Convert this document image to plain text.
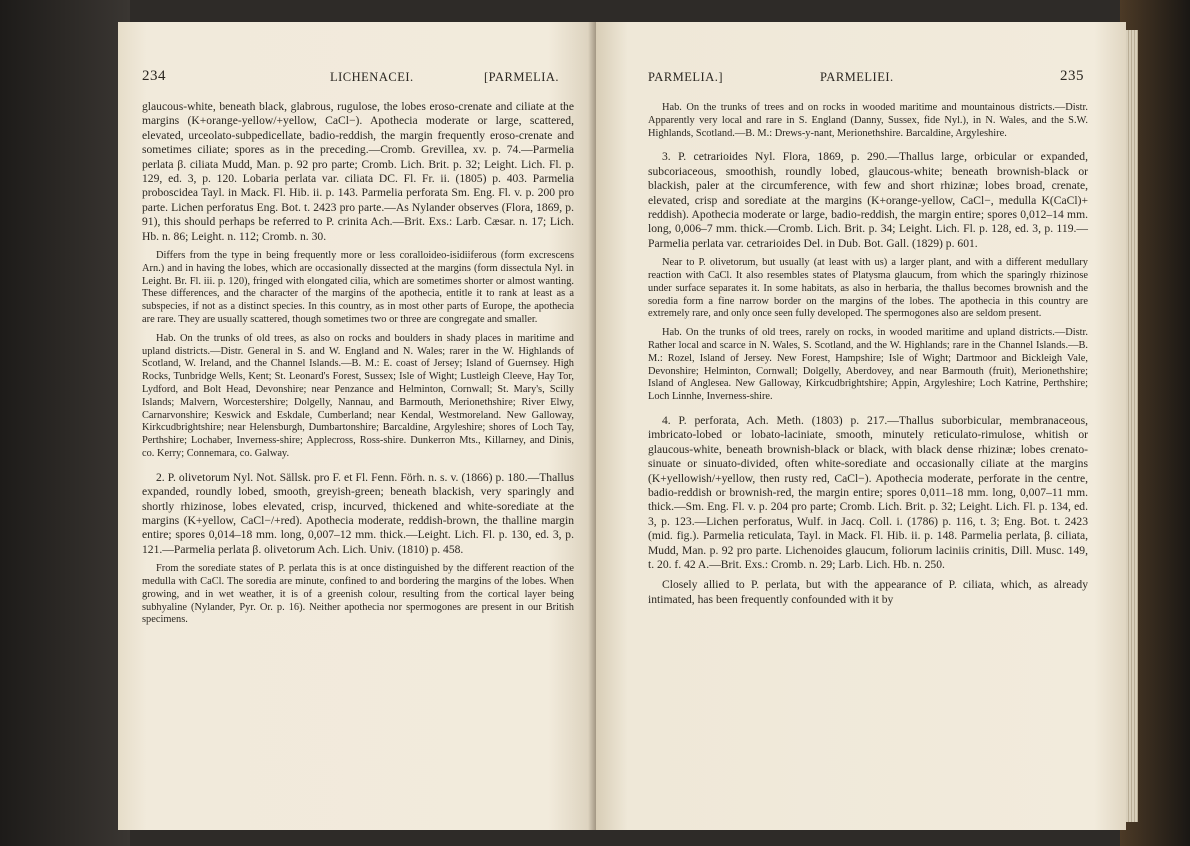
234	LICHENACEI.	[PARMELIA.

glaucous-white, beneath black, glabrous, rugulose, the lobes eroso-crenate and ciliate at the margins (K+orange-yellow/+yellow, CaCl−). Apothecia moderate or large, scattered, elevated, urceolato-subpedicellate, badio-reddish, the margin frequently eroso-crenate and sometimes ciliate; spores as in the preceding.—Cromb. Grevillea, xv. p. 74.—Parmelia perlata β. ciliata Mudd, Man. p. 92 pro parte; Cromb. Lich. Brit. p. 32; Leight. Lich. Fl. p. 129, ed. 3, p. 120. Lobaria perlata var. ciliata DC. Fl. Fr. ii. (1805) p. 403. Parmelia proboscidea Tayl. in Mack. Fl. Hib. ii. p. 143. Parmelia perforata Sm. Eng. Fl. v. p. 200 pro parte. Lichen perforatus Eng. Bot. t. 2423 pro parte.—As Nylander observes (Flora, 1869, p. 91), this should perhaps be referred to P. crinita Ach.—Brit. Exs.: Larb. Cæsar. n. 17; Lich. Hb. n. 86; Leight. n. 112; Cromb. n. 30.

Differs from the type in being frequently more or less coralloideo-isidiiferous (form excrescens Arn.) and in having the lobes, which are occasionally dissected at the margins (form dissectula Nyl. in Leight. Br. Fl. iii. p. 120), fringed with elongated cilia, which are sometimes shorter or almost wanting. These differences, and the character of the margins of the apothecia, entitle it to rank at least as a subspecies, if not as a distinct species. In this country, as in most other parts of Europe, the apothecia are rare. They are usually scattered, though sometimes two or three are congregate and smaller.

Hab. On the trunks of old trees, as also on rocks and boulders in shady places in maritime and upland districts.—Distr. General in S. and W. England and N. Wales; rarer in the W. Highlands of Scotland, W. Ireland, and the Channel Islands.—B. M.: E. coast of Jersey; Island of Guernsey. High Rocks, Tunbridge Wells, Kent; St. Leonard's Forest, Sussex; Isle of Wight; Lustleigh Cleeve, Hay Tor, Lydford, and Bolt Head, Devonshire; near Penzance and Helminton, Cornwall; St. Mary's, Scilly Islands; Malvern, Worcestershire; Dolgelly, Nannau, and Barmouth, Merionethshire; River Elwy, Carnarvonshire; Keswick and Eskdale, Cumberland; near Kendal, Westmoreland. New Galloway, Kirkcudbrightshire; near Helensburgh, Dumbartonshire; Barcaldine, Argyleshire; shores of Loch Tay, Perthshire; Lochaber, Inverness-shire; Applecross, Ross-shire. Dunkerron Mts., Killarney, and Dinis, co. Kerry; Connemara, co. Galway.

2. P. olivetorum Nyl. Not. Sällsk. pro F. et Fl. Fenn. Förh. n. s. v. (1866) p. 180.—Thallus expanded, roundly lobed, smooth, greyish-green; beneath blackish, very sparingly and shortly rhizinose, lobes elevated, crisp, incurved, thickened and white-sorediate at the margins (K+yellow, CaCl−/+red). Apothecia moderate, reddish-brown, the thalline margin entire; spores 0,014–18 mm. long, 0,007–12 mm. thick.—Leight. Lich. Fl. p. 130, ed. 3, p. 121.—Parmelia perlata β. olivetorum Ach. Lich. Univ. (1810) p. 458.

From the sorediate states of P. perlata this is at once distinguished by the different reaction of the medulla with CaCl. The soredia are minute, confined to and bordering the margins of the lobes. When growing, and in wet weather, it is of a greenish colour, resulting from the cortical layer being subhyaline (Nylander, Pyr. Or. p. 16). Neither apothecia nor spermogones are present in our British specimens.

PARMELIA.]	PARMELIEI.	235

Hab. On the trunks of trees and on rocks in wooded maritime and mountainous districts.—Distr. Apparently very local and rare in S. England (Danny, Sussex, fide Nyl.), in N. Wales, and the S.W. Highlands, Scotland.—B. M.: Drews-y-nant, Merionethshire. Barcaldine, Argyleshire.

3. P. cetrarioides Nyl. Flora, 1869, p. 290.—Thallus large, orbicular or expanded, subcoriaceous, smoothish, roundly lobed, glaucous-white; beneath brownish-black or blackish, paler at the circumference, with few and short rhizinæ; lobes broad, crenate, elevated, crisp and sorediate at the margins (K+orange-yellow, CaCl−, medulla K(CaCl)+ reddish). Apothecia moderate or large, badio-reddish, the margin entire; spores 0,012–14 mm. long, 0,006–7 mm. thick.—Cromb. Lich. Brit. p. 34; Leight. Lich. Fl. p. 128, ed. 3, p. 119.—Parmelia perlata var. cetrarioides Del. in Dub. Bot. Gall. (1829) p. 601.

Near to P. olivetorum, but usually (at least with us) a larger plant, and with a different medullary reaction with CaCl. It also resembles states of Platysma glaucum, from which the sparingly rhizinose under surface separates it. In some habitats, as also in herbaria, the thallus becomes brownish and the soredia form a fine narrow border on the margins of the lobes. The apothecia in this country are extremely rare, and only once seen fully developed. The spermogones also are seldom present.

Hab. On the trunks of old trees, rarely on rocks, in wooded maritime and upland districts.—Distr. Rather local and scarce in N. Wales, S. Scotland, and the W. Highlands; rare in the Channel Islands.—B. M.: Rozel, Island of Jersey. New Forest, Hampshire; Isle of Wight; Dartmoor and Bickleigh Vale, Devonshire; Helminton, Cornwall; Dolgelly, Aberdovey, and near Barmouth (fruit), Merionethshire; Island of Anglesea. New Galloway, Kirkcudbrightshire; Appin, Argyleshire; Loch Katrine, Perthshire; Loch Linnhe, Inverness-shire.

4. P. perforata, Ach. Meth. (1803) p. 217.—Thallus suborbicular, membranaceous, imbricato-lobed or lobato-laciniate, smooth, minutely reticulato-rimulose, whitish or glaucous-white, beneath brownish-black or black, with black dense rhizinæ; lobes crenato-sinuate or sinuato-divided, often white-sorediate and occasionally ciliate at the margins (K+yellowish/+yellow, then rusty red, CaCl−). Apothecia moderate, perforate in the centre, badio-reddish or brownish-red, the margin entire; spores 0,011–18 mm. long, 0,007–11 mm. thick.—Sm. Eng. Fl. v. p. 204 pro parte; Cromb. Lich. Brit. p. 32; Leight. Lich. Fl. p. 134, ed. 3, p. 123.—Lichen perforatus, Wulf. in Jacq. Coll. i. (1786) p. 116, t. 3; Eng. Bot. t. 2423 (mid. fig.). Parmelia reticulata, Tayl. in Mack. Fl. Hib. ii. p. 148. Parmelia perlata, β. ciliata, Mudd, Man. p. 92 pro parte. Lichenoides glaucum, foliorum laciniis crinitis, Dill. Musc. 149, t. 20. f. 42 A.—Brit. Exs.: Cromb. n. 29; Larb. Lich. Hb. n. 250.

Closely allied to P. perlata, but with the appearance of P. ciliata, which, as already intimated, has been frequently confounded with it by
